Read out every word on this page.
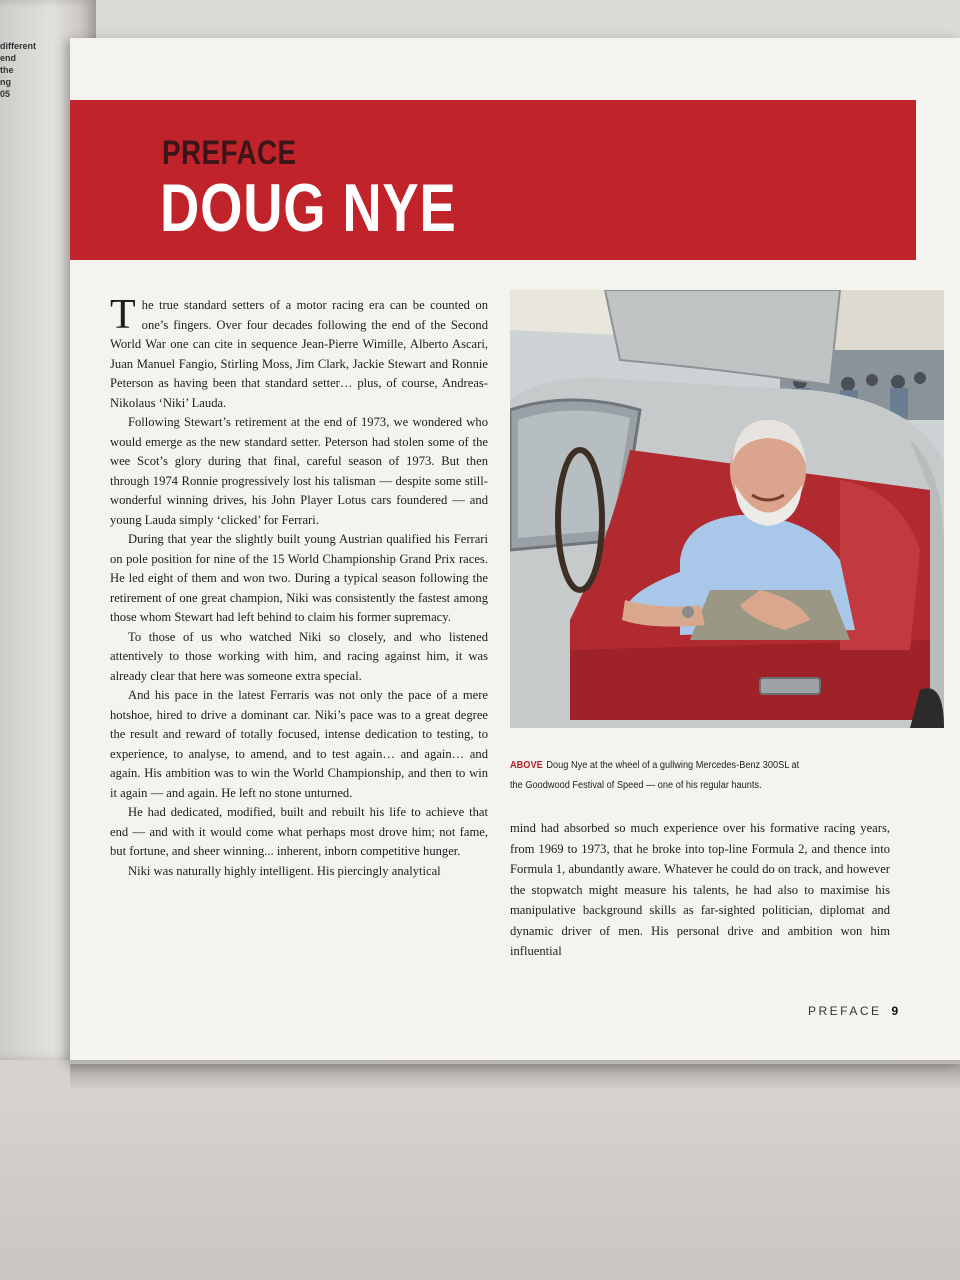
different
end
the
ng
05
PREFACE
DOUG NYE

The true standard setters of a motor racing era can be counted on one’s fingers. Over four decades following the end of the Second World War one can cite in sequence Jean-Pierre Wimille, Alberto Ascari, Juan Manuel Fangio, Stirling Moss, Jim Clark, Jackie Stewart and Ronnie Peterson as having been that standard setter… plus, of course, Andreas-Nikolaus ‘Niki’ Lauda.

Following Stewart’s retirement at the end of 1973, we wondered who would emerge as the new standard setter. Peterson had stolen some of the wee Scot’s glory during that final, careful season of 1973. But then through 1974 Ronnie progressively lost his talisman — despite some still-wonderful winning drives, his John Player Lotus cars foundered — and young Lauda simply ‘clicked’ for Ferrari.

During that year the slightly built young Austrian qualified his Ferrari on pole position for nine of the 15 World Championship Grand Prix races. He led eight of them and won two. During a typical season following the retirement of one great champion, Niki was consistently the fastest among those whom Stewart had left behind to claim his former supremacy.

To those of us who watched Niki so closely, and who listened attentively to those working with him, and racing against him, it was already clear that here was someone extra special.

And his pace in the latest Ferraris was not only the pace of a mere hotshoe, hired to drive a dominant car. Niki’s pace was to a great degree the result and reward of totally focused, intense dedication to testing, to experience, to analyse, to amend, and to test again… and again… and again. His ambition was to win the World Championship, and then to win it again — and again. He left no stone unturned.

He had dedicated, modified, built and rebuilt his life to achieve that end — and with it would come what perhaps most drove him; not fame, but fortune, and sheer winning... inherent, inborn competitive hunger.

Niki was naturally highly intelligent. His piercingly analytical

ABOVE Doug Nye at the wheel of a gullwing Mercedes-Benz 300SL at the Goodwood Festival of Speed — one of his regular haunts.

mind had absorbed so much experience over his formative racing years, from 1969 to 1973, that he broke into top-line Formula 2, and thence into Formula 1, abundantly aware. Whatever he could do on track, and however the stopwatch might measure his talents, he had also to maximise his manipulative background skills as far-sighted politician, diplomat and dynamic driver of men. His personal drive and ambition won him influential

PREFACE 9
